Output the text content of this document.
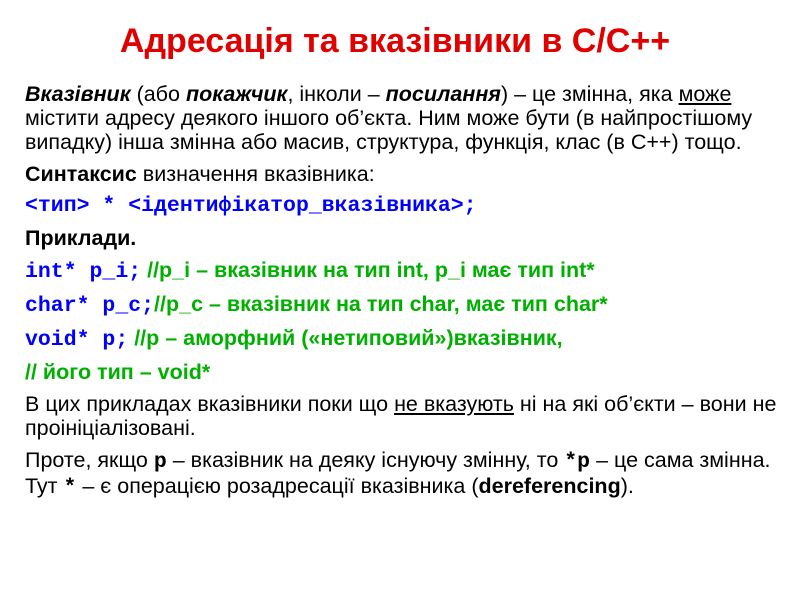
Адресація та вказівники в С/С++
Вказівник (або покажчик, інколи – посилання) – це змінна, яка може містити адресу деякого іншого об’єкта. Ним може бути (в найпростішому випадку) інша змінна або масив, структура, функція, клас (в С++) тощо.
Синтаксис визначення вказівника:
<тип> * <ідентифікатор_вказівника>;
Приклади.
int* p_i; //p_i – вказівник на тип int, p_i має тип int*
char* p_c;//p_c – вказівник на тип char, має тип char*
void* p; //p – аморфний («нетиповий»)вказівник,
// його тип – void*
В цих прикладах вказівники поки що не вказують ні на які об’єкти – вони не проініціалізовані.
Проте, якщо p – вказівник на деяку існуючу змінну, то *p – це сама змінна. Тут * – є операцією розадресації вказівника (dereferencing).
